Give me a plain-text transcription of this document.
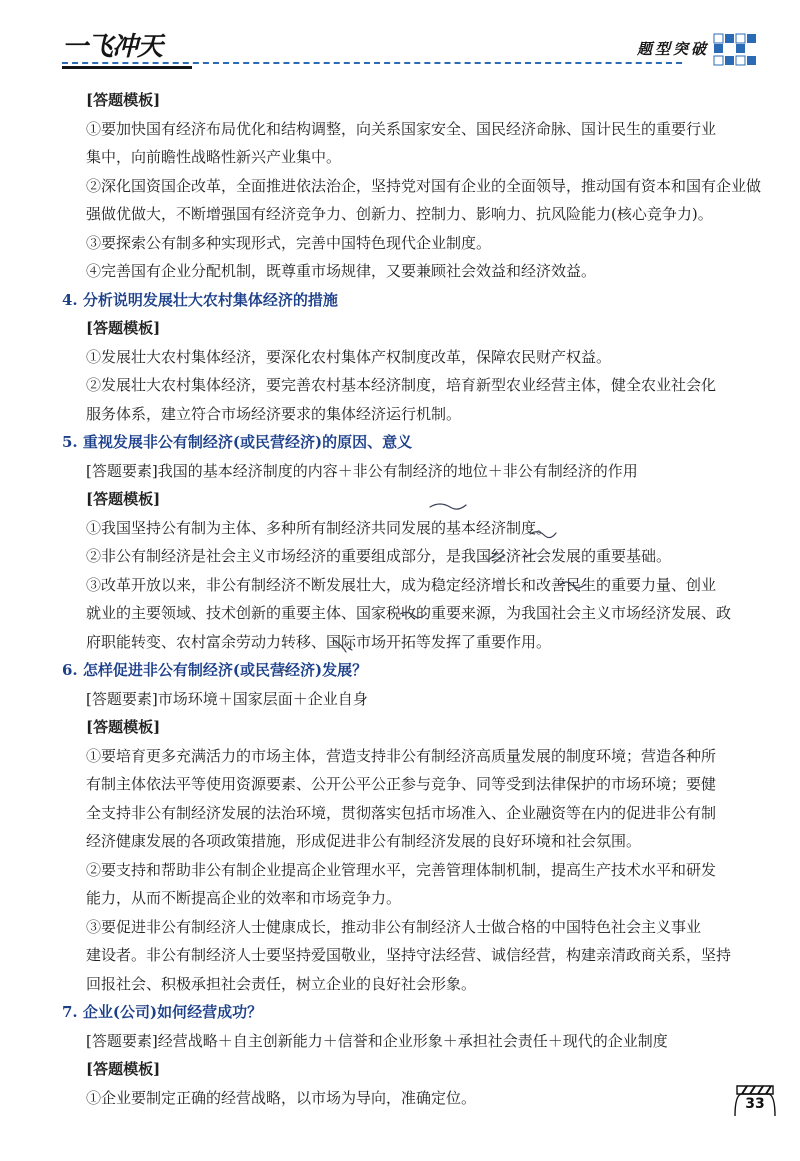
一飞冲天	题型突破

[答题模板]

①要加快国有经济布局优化和结构调整，向关系国家安全、国民经济命脉、国计民生的重要行业

集中，向前瞻性战略性新兴产业集中。

②深化国资国企改革，全面推进依法治企，坚持党对国有企业的全面领导，推动国有资本和国有企业做

强做优做大，不断增强国有经济竞争力、创新力、控制力、影响力、抗风险能力(核心竞争力)。

③要探索公有制多种实现形式，完善中国特色现代企业制度。

④完善国有企业分配机制，既尊重市场规律，又要兼顾社会效益和经济效益。

4. 分析说明发展壮大农村集体经济的措施

[答题模板]

①发展壮大农村集体经济，要深化农村集体产权制度改革，保障农民财产权益。

②发展壮大农村集体经济，要完善农村基本经济制度，培育新型农业经营主体，健全农业社会化

服务体系，建立符合市场经济要求的集体经济运行机制。

5. 重视发展非公有制经济(或民营经济)的原因、意义

[答题要素]我国的基本经济制度的内容＋非公有制经济的地位＋非公有制经济的作用

[答题模板]

①我国坚持公有制为主体、多种所有制经济共同发展的基本经济制度。

②非公有制经济是社会主义市场经济的重要组成部分，是我国经济社会发展的重要基础。

③改革开放以来，非公有制经济不断发展壮大，成为稳定经济增长和改善民生的重要力量、创业

就业的主要领域、技术创新的重要主体、国家税收的重要来源，为我国社会主义市场经济发展、政

府职能转变、农村富余劳动力转移、国际市场开拓等发挥了重要作用。

6. 怎样促进非公有制经济(或民营经济)发展？

[答题要素]市场环境＋国家层面＋企业自身

[答题模板]

①要培育更多充满活力的市场主体，营造支持非公有制经济高质量发展的制度环境；营造各种所

有制主体依法平等使用资源要素、公开公平公正参与竞争、同等受到法律保护的市场环境；要健

全支持非公有制经济发展的法治环境，贯彻落实包括市场准入、企业融资等在内的促进非公有制

经济健康发展的各项政策措施，形成促进非公有制经济发展的良好环境和社会氛围。

②要支持和帮助非公有制企业提高企业管理水平，完善管理体制机制，提高生产技术水平和研发

能力，从而不断提高企业的效率和市场竞争力。

③要促进非公有制经济人士健康成长，推动非公有制经济人士做合格的中国特色社会主义事业

建设者。非公有制经济人士要坚持爱国敬业，坚持守法经营、诚信经营，构建亲清政商关系，坚持

回报社会、积极承担社会责任，树立企业的良好社会形象。

7. 企业(公司)如何经营成功？

[答题要素]经营战略＋自主创新能力＋信誉和企业形象＋承担社会责任＋现代的企业制度

[答题模板]

①企业要制定正确的经营战略，以市场为导向，准确定位。	33
